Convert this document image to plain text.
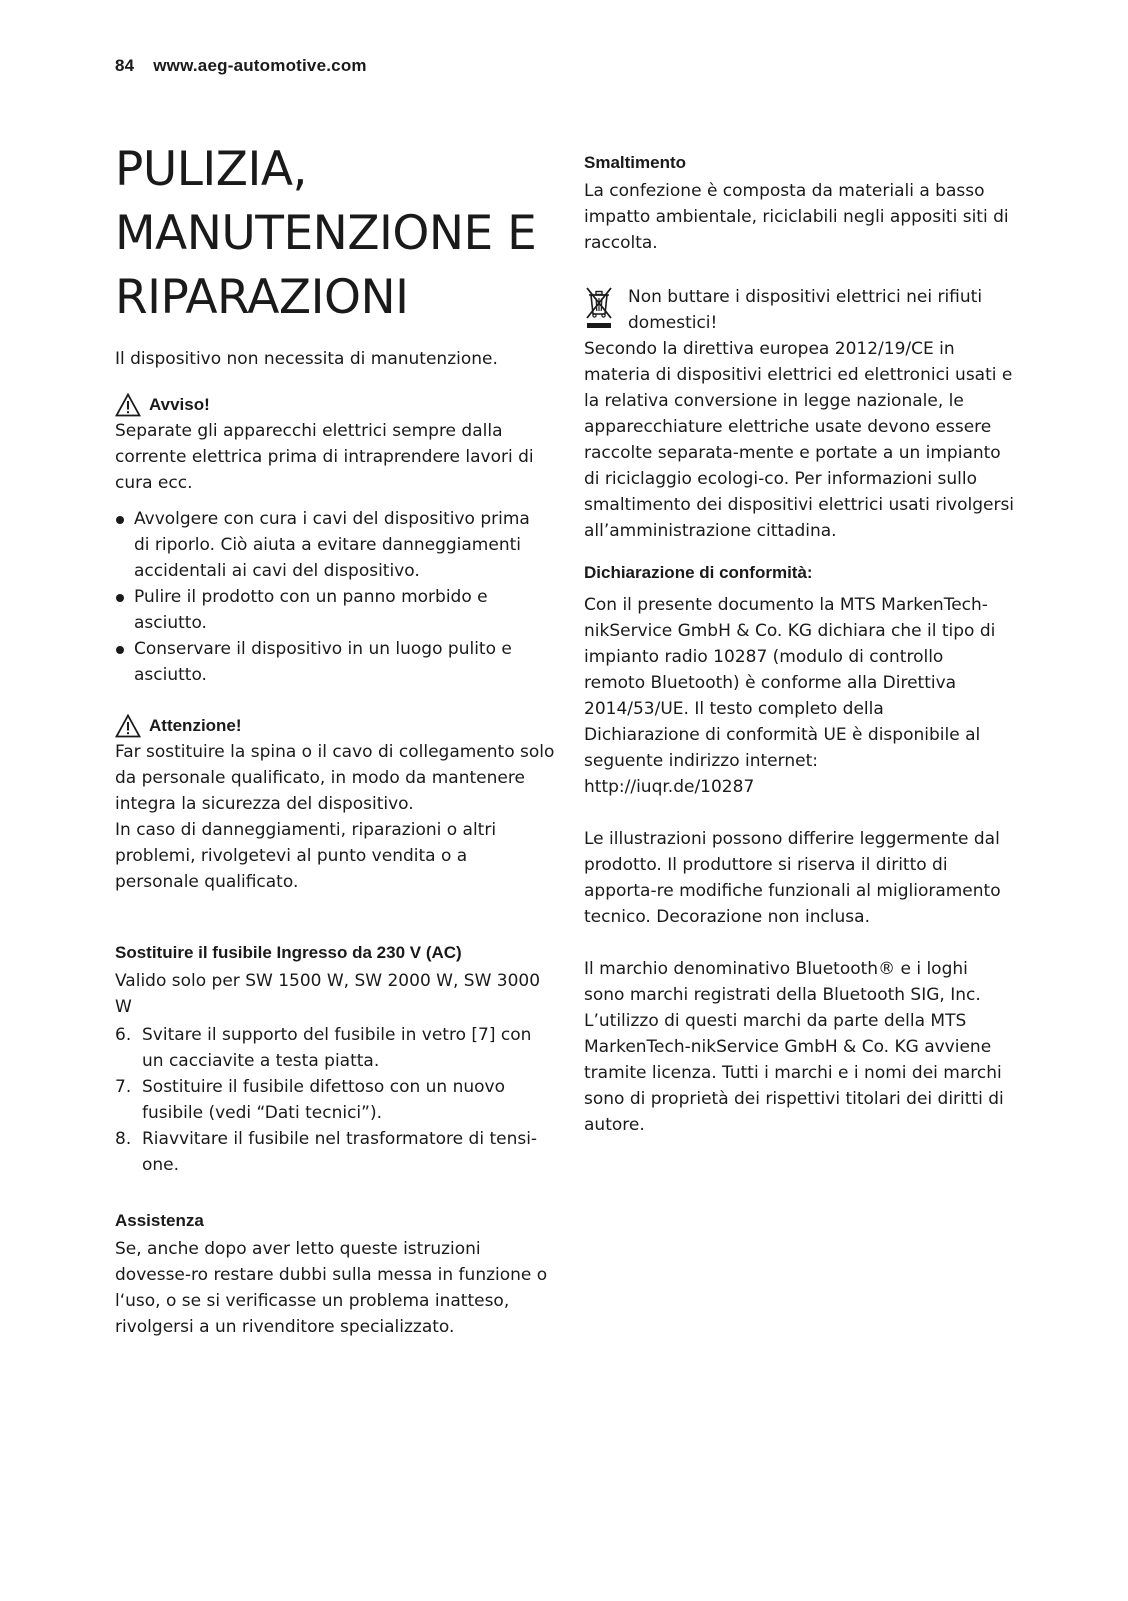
84 www.aeg-automotive.com
PULIZIA,
MANUTENZIONE E
RIPARAZIONI

Il dispositivo non necessita di manutenzione.

Avviso!

Separate gli apparecchi elettrici sempre dalla corrente elettrica prima di intraprendere lavori di cura ecc.

Avvolgere con cura i cavi del dispositivo prima di riporlo. Ciò aiuta a evitare danneggiamenti accidentali ai cavi del dispositivo.
Pulire il prodotto con un panno morbido e asciutto.
Conservare il dispositivo in un luogo pulito e asciutto.
Attenzione!

Far sostituire la spina o il cavo di collegamento solo da personale qualificato, in modo da mantenere integra la sicurezza del dispositivo.

In caso di danneggiamenti, riparazioni o altri problemi, rivolgetevi al punto vendita o a personale qualificato.

Sostituire il fusibile Ingresso da 230 V (AC)

Valido solo per SW 1500 W, SW 2000 W, SW 3000 W

6. Svitare il supporto del fusibile in vetro [7] con un cacciavite a testa piatta.
7. Sostituire il fusibile difettoso con un nuovo fusibile (vedi “Dati tecnici”).
8. Riavvitare il fusibile nel trasformatore di tensi-one.

Assistenza

Se, anche dopo aver letto queste istruzioni dovesse-ro restare dubbi sulla messa in funzione o l‘uso, o se si verificasse un problema inatteso, rivolgersi a un rivenditore specializzato.

Smaltimento

La confezione è composta da materiali a basso impatto ambientale, riciclabili negli appositi siti di raccolta.

Non buttare i dispositivi elettrici nei rifiuti domestici!

Secondo la direttiva europea 2012/19/CE in materia di dispositivi elettrici ed elettronici usati e la relativa conversione in legge nazionale, le apparecchiature elettriche usate devono essere raccolte separata-mente e portate a un impianto di riciclaggio ecologi-co. Per informazioni sullo smaltimento dei dispositivi elettrici usati rivolgersi all’amministrazione cittadina.

Dichiarazione di conformità:

Con il presente documento la MTS MarkenTech-nikService GmbH & Co. KG dichiara che il tipo di impianto radio 10287 (modulo di controllo remoto Bluetooth) è conforme alla Direttiva 2014/53/UE. Il testo completo della Dichiarazione di conformità UE è disponibile al seguente indirizzo internet:

http://iuqr.de/10287

Le illustrazioni possono differire leggermente dal prodotto. Il produttore si riserva il diritto di apporta-re modifiche funzionali al miglioramento tecnico. Decorazione non inclusa.

Il marchio denominativo Bluetooth® e i loghi sono marchi registrati della Bluetooth SIG, Inc. L’utilizzo di questi marchi da parte della MTS MarkenTech-nikService GmbH & Co. KG avviene tramite licenza. Tutti i marchi e i nomi dei marchi sono di proprietà dei rispettivi titolari dei diritti di autore.
